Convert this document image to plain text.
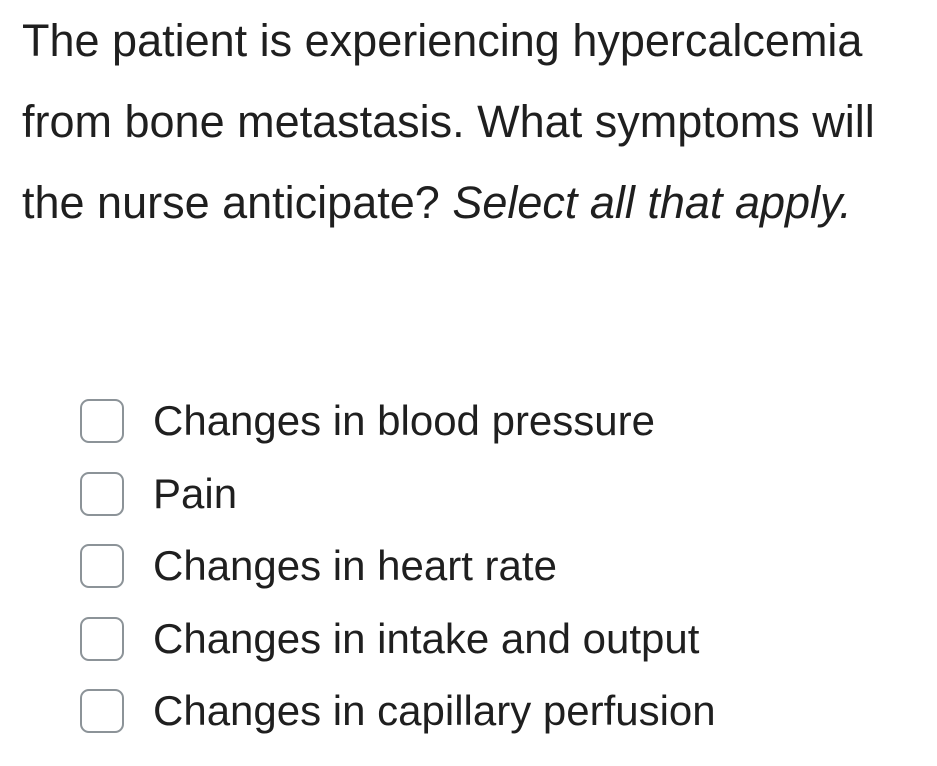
The patient is experiencing hypercalcemia from bone metastasis. What symptoms will the nurse anticipate? Select all that apply.

Changes in blood pressure
Pain
Changes in heart rate
Changes in intake and output
Changes in capillary perfusion
